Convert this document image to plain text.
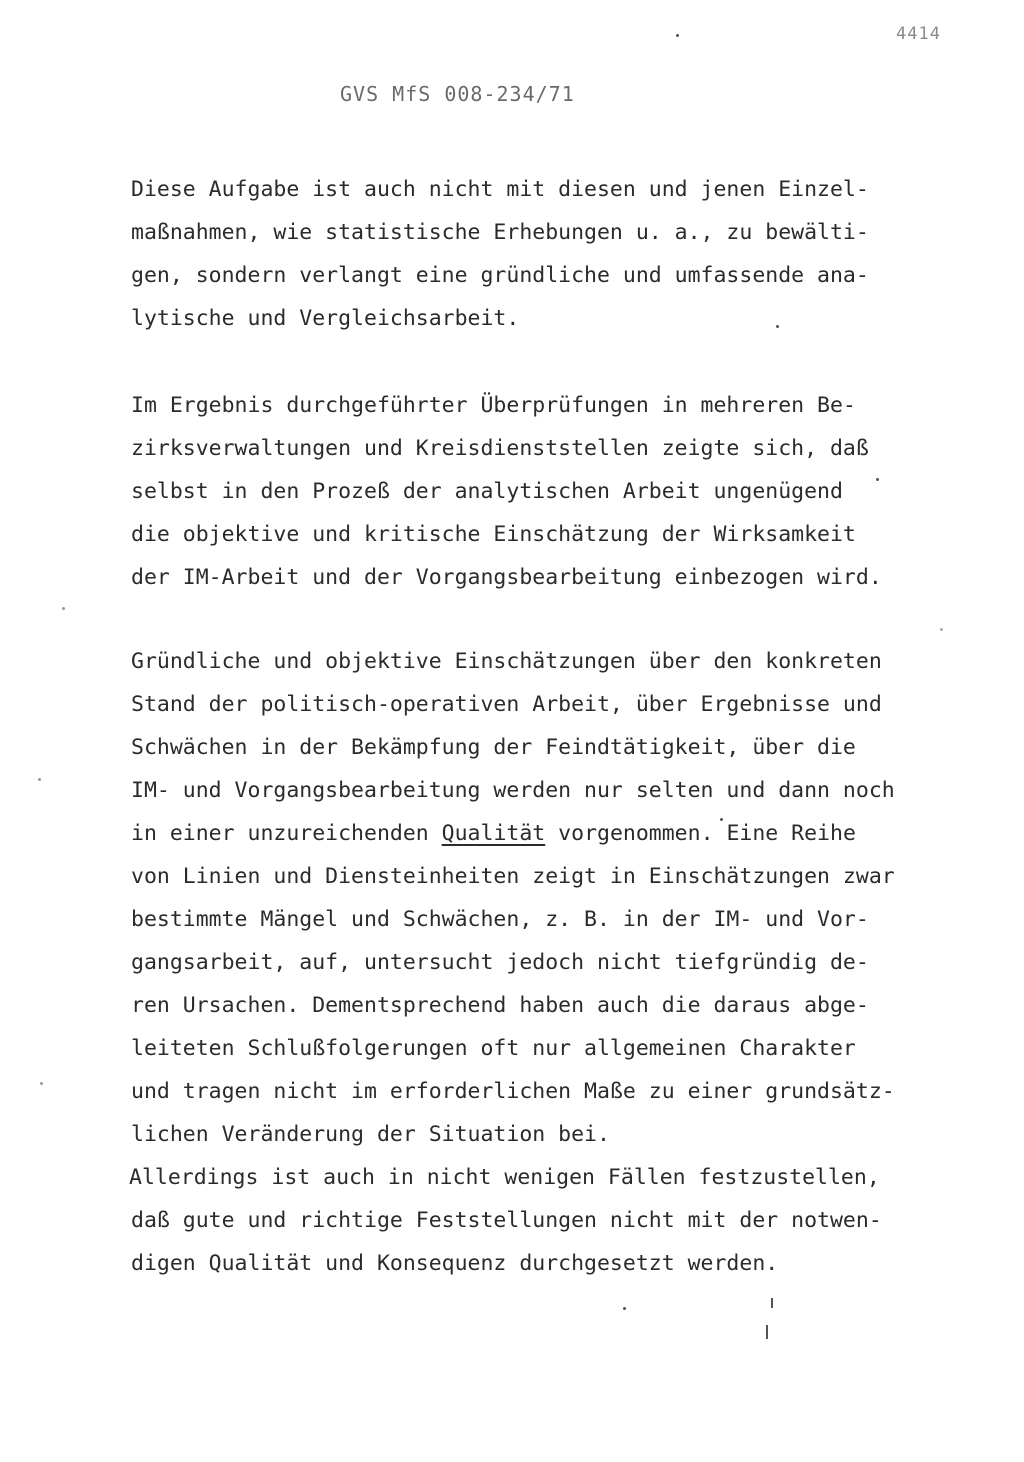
4414
GVS MfS 008-234/71
Diese Aufgabe ist auch nicht mit diesen und jenen Einzel-
maßnahmen, wie statistische Erhebungen u. a., zu bewälti-
gen, sondern verlangt eine gründliche und umfassende ana-
lytische und Vergleichsarbeit.
Im Ergebnis durchgeführter Überprüfungen in mehreren Be-
zirksverwaltungen und Kreisdienststellen zeigte sich, daß
selbst in den Prozeß der analytischen Arbeit ungenügend
die objektive und kritische Einschätzung der Wirksamkeit
der IM-Arbeit und der Vorgangsbearbeitung einbezogen wird.
Gründliche und objektive Einschätzungen über den konkreten
Stand der politisch-operativen Arbeit, über Ergebnisse und
Schwächen in der Bekämpfung der Feindtätigkeit, über die
IM- und Vorgangsbearbeitung werden nur selten und dann noch
in einer unzureichenden Qualität vorgenommen. Eine Reihe
von Linien und Diensteinheiten zeigt in Einschätzungen zwar
bestimmte Mängel und Schwächen, z. B. in der IM- und Vor-
gangsarbeit, auf, untersucht jedoch nicht tiefgründig de-
ren Ursachen. Dementsprechend haben auch die daraus abge-
leiteten Schlußfolgerungen oft nur allgemeinen Charakter
und tragen nicht im erforderlichen Maße zu einer grundsätz-
lichen Veränderung der Situation bei.
Allerdings ist auch in nicht wenigen Fällen festzustellen,
daß gute und richtige Feststellungen nicht mit der notwen-
digen Qualität und Konsequenz durchgesetzt werden.
